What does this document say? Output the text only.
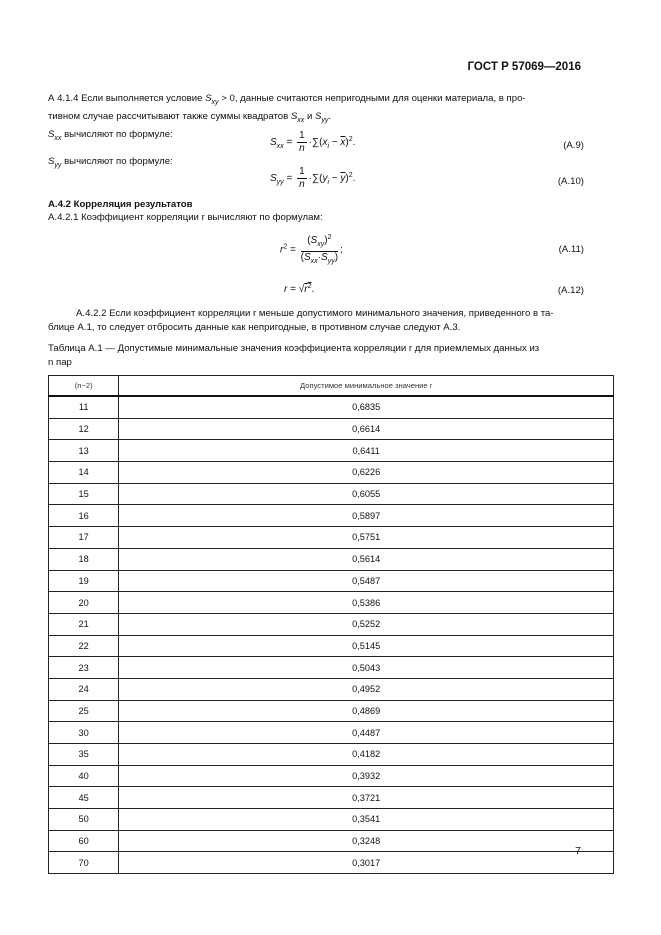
ГОСТ Р 57069—2016
А 4.1.4 Если выполняется условие $S_{xy} > 0$, данные считаются непригодными для оценки материала, в про-
тивном случае рассчитывают также суммы квадратов $S_{xx}$ и $S_{yy}$.
$S_{xx}$ вычисляют по формуле:
$S_{xx} = \frac{1}{n} \cdot\sum(x_i - \overline{x})^2$.	(А.9)
$S_{yy}$ вычисляют по формуле:
$S_{yy} = \frac{1}{n} \cdot\sum(y_i - \overline{y})^2$.	(А.10)
А.4.2 Корреляция результатов
А.4.2.1 Коэффициент корреляции r вычисляют по формулам:
$r^2 = \frac{(S_{xy})^2}{(S_{xx}\cdot S_{yy})}$ ;	(А.11)
$r = √r^2$.	(А.12)
А.4.2.2 Если коэффициент корреляции r меньше допустимого минимального значения, приведенного в та-
блице А.1, то следует отбросить данные как непригодные, в противном случае следуют А.3.
Таблица А.1 — Допустимые минимальные значения коэффициента корреляции r для приемлемых данных из
n пар
(n−2)	Допустимое минимальное значение r
11	0,6835
12	0,6614
13	0,6411
14	0,6226
15	0,6055
16	0,5897
17	0,5751
18	0,5614
19	0,5487
20	0,5386
21	0,5252
22	0,5145
23	0,5043
24	0,4952
25	0,4869
30	0,4487
35	0,4182
40	0,3932
45	0,3721
50	0,3541
60	0,3248
70	0,3017
7
